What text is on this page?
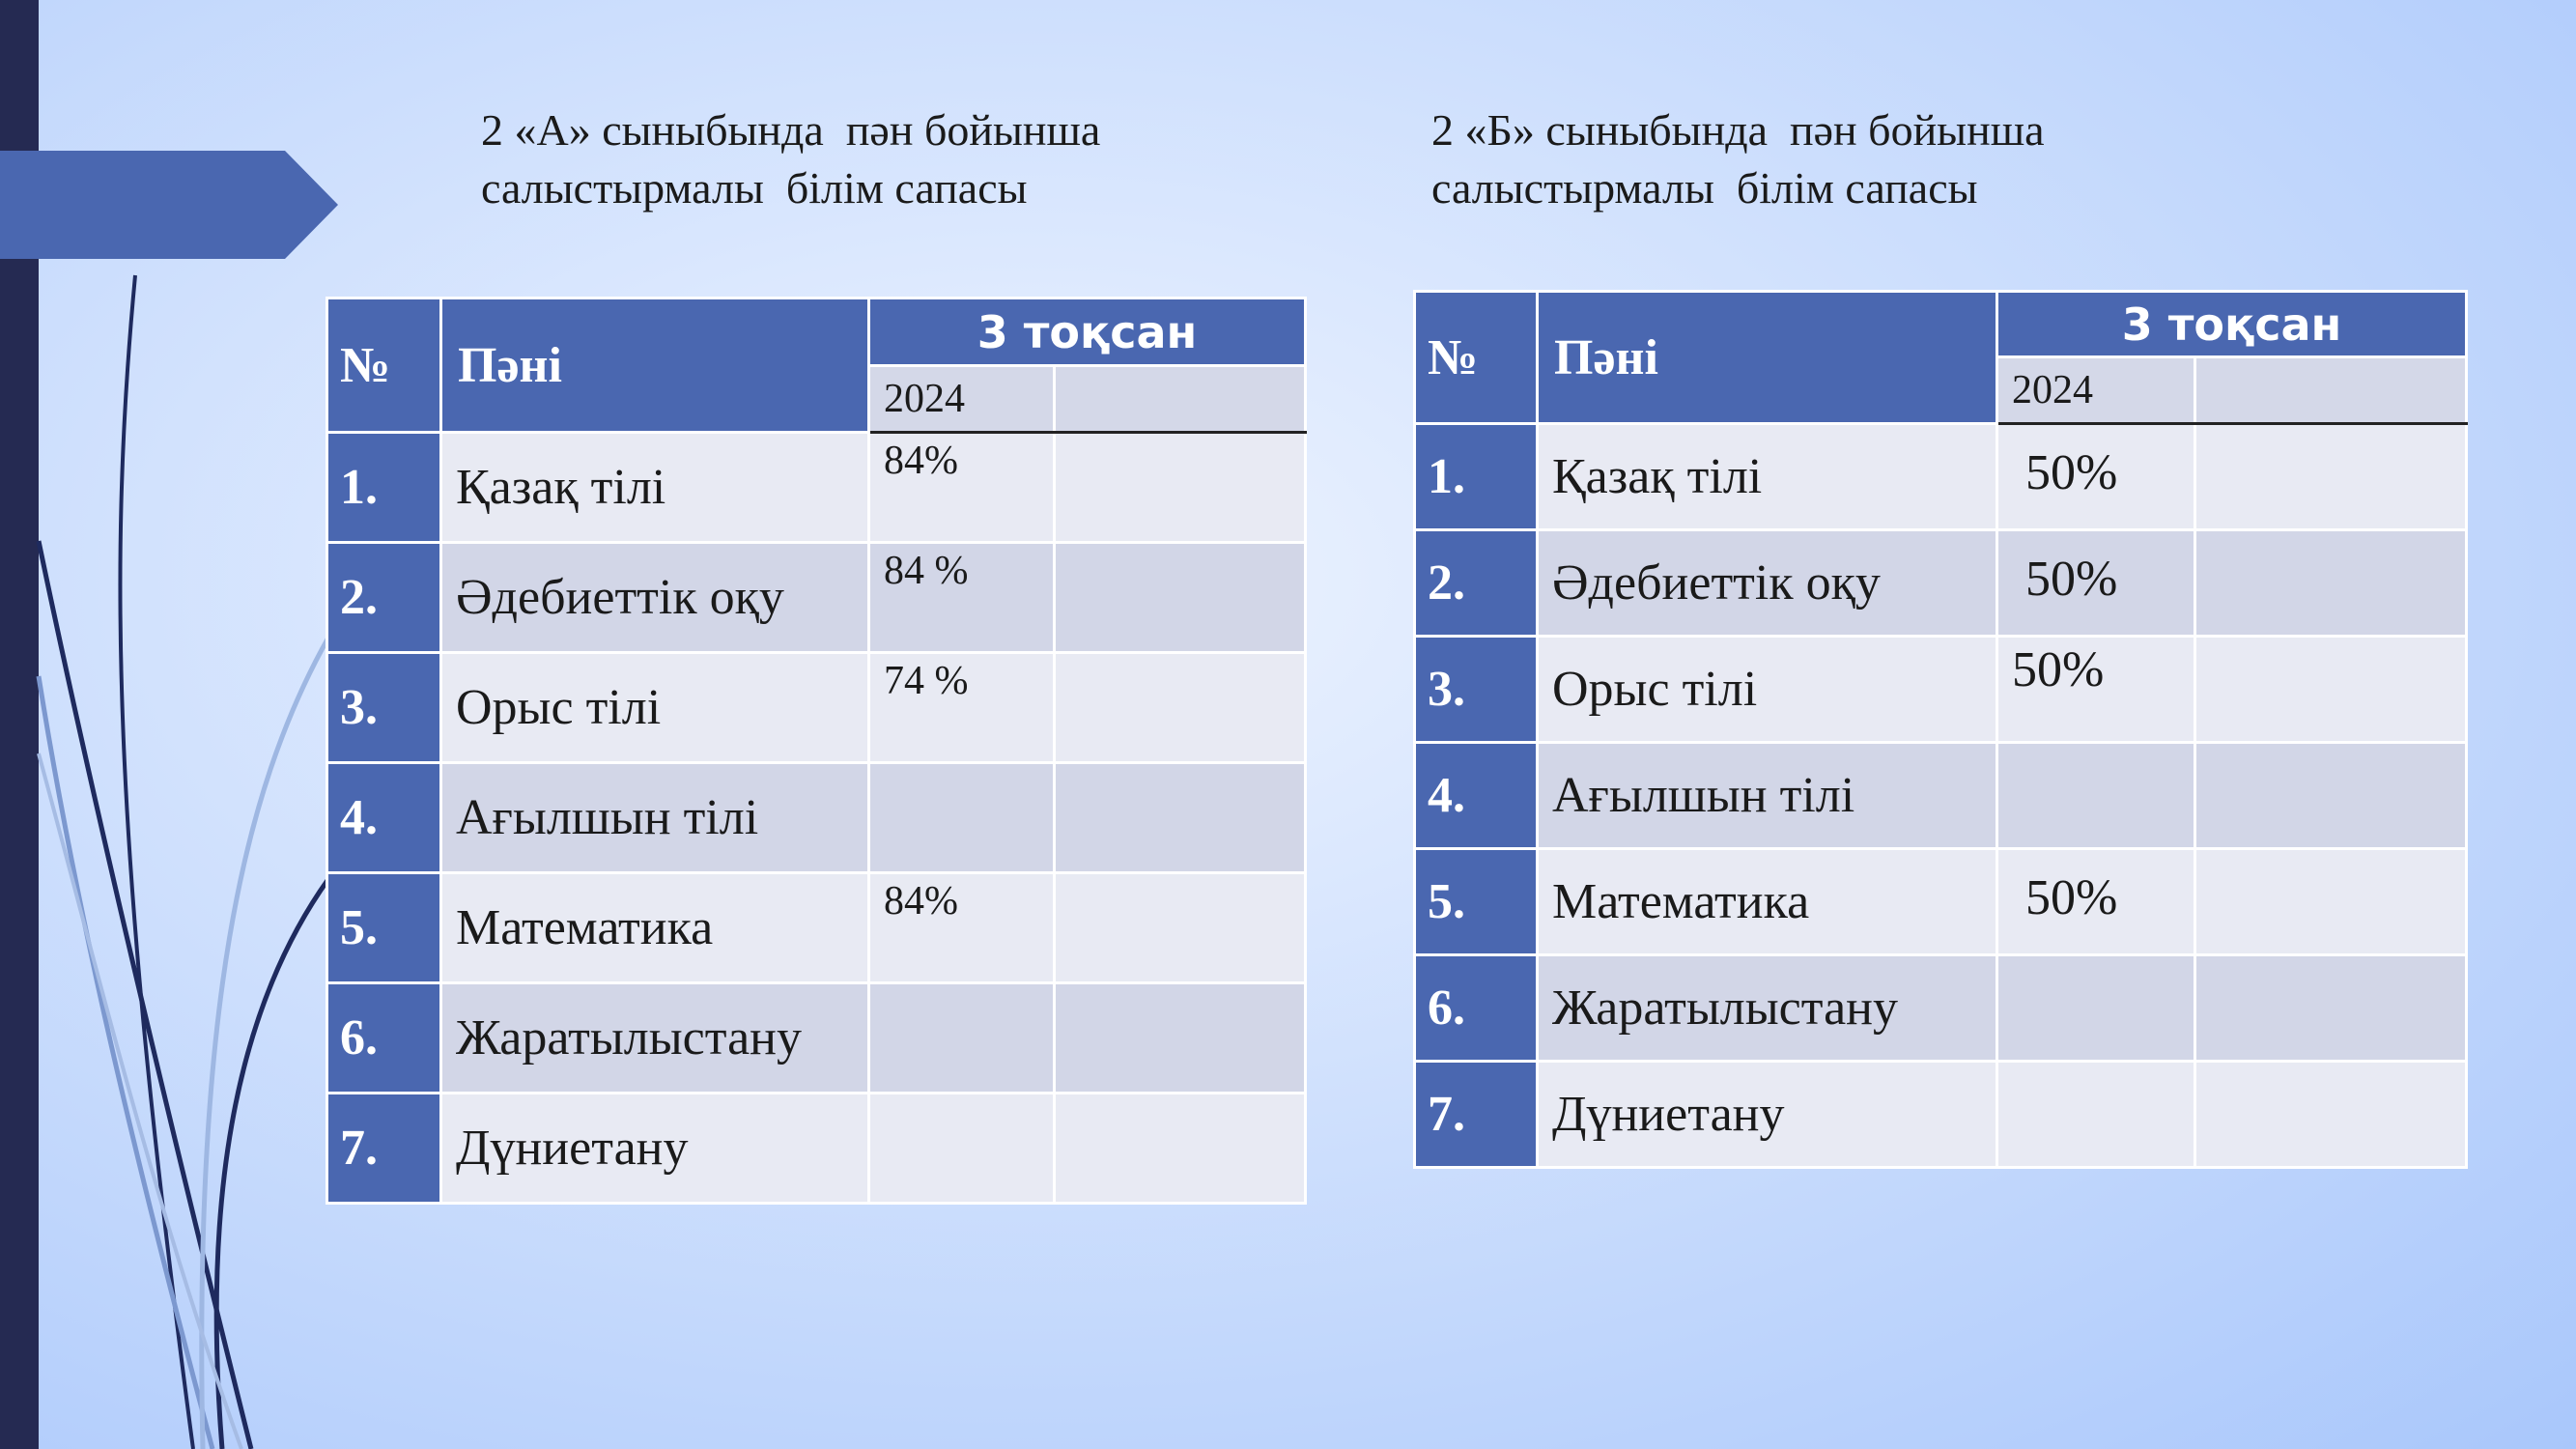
2 «А» сыныбында  пән бойынша
салыстырмалы  білім сапасы
2 «Б» сыныбында  пән бойынша
салыстырмалы  білім сапасы
№	Пәні	3 тоқсан	
		2024	
1.	Қазақ тілі	84%	
2.	Әдебиеттік оқу	84 %	
3.	Орыс тілі	74 %	
4.	Ағылшын тілі		
5.	Математика	84%	
6.	Жаратылыстану		
7.	Дүниетану		
№	Пәні	3 тоқсан	
		2024	
1.	Қазақ тілі	50%	
2.	Әдебиеттік оқу	50%	
3.	Орыс тілі	50%	
4.	Ағылшын тілі		
5.	Математика	50%	
6.	Жаратылыстану		
7.	Дүниетану		
